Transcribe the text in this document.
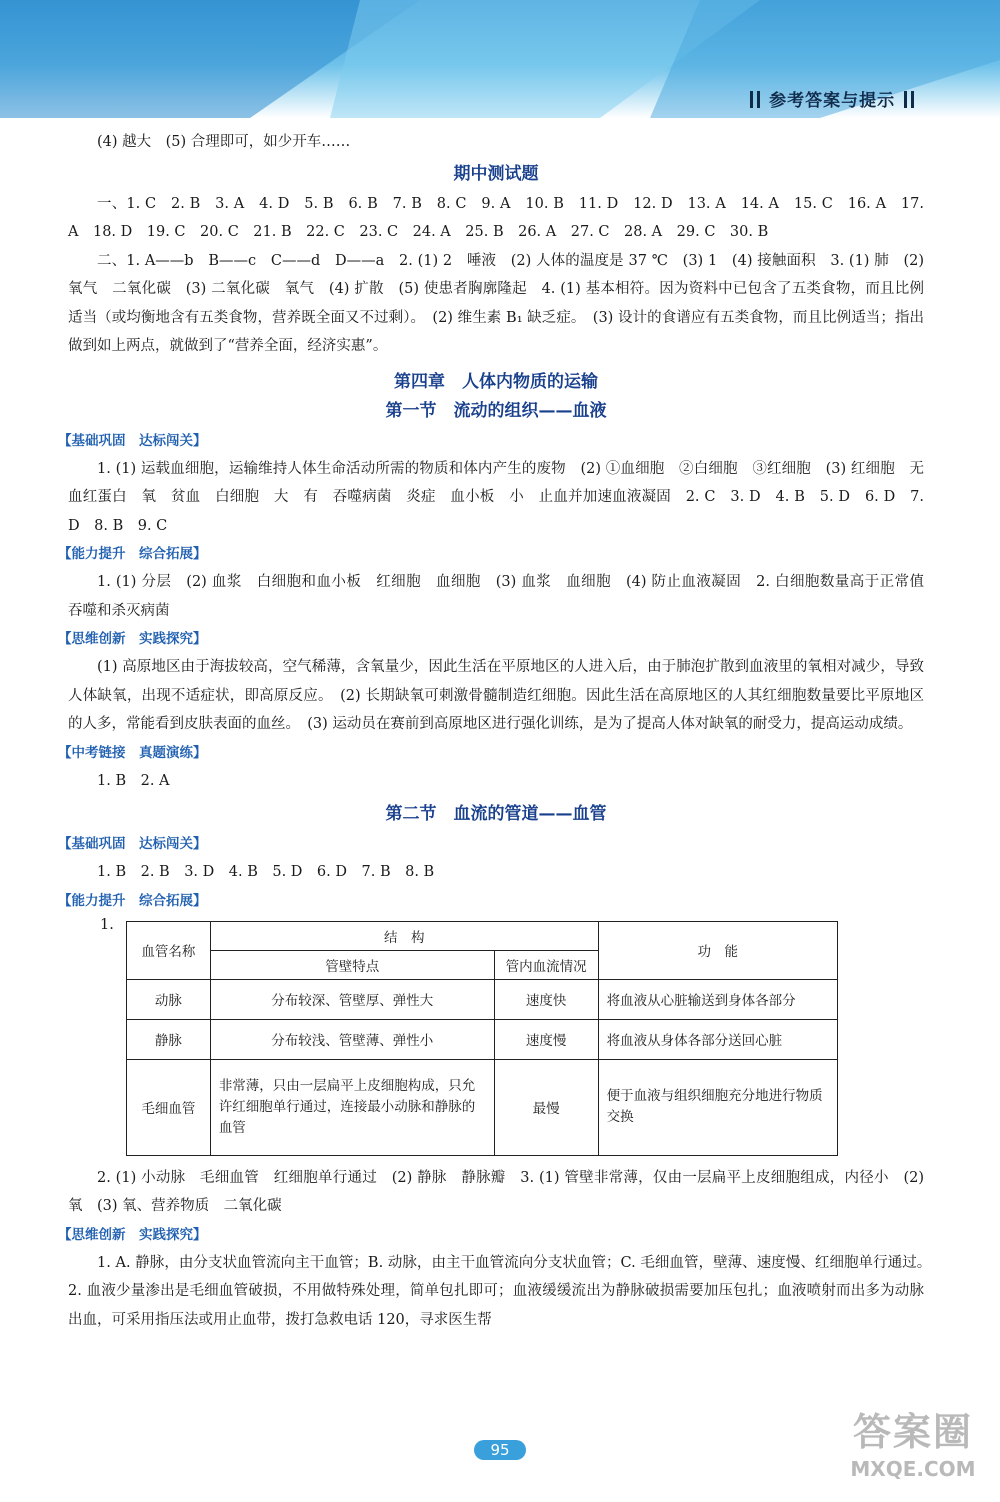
参考答案与提示

(4) 越大　(5) 合理即可，如少开车……

期中测试题

一、1. C　2. B　3. A　4. D　5. B　6. B　7. B　8. C　9. A　10. B　11. D　12. D　13. A　14. A　15. C　16. A　17. A　18. D　19. C　20. C　21. B　22. C　23. C　24. A　25. B　26. A　27. C　28. A　29. C　30. B

二、1. A——b　B——c　C——d　D——a　2. (1) 2　唾液　(2) 人体的温度是 37 ℃　(3) 1　(4) 接触面积　3. (1) 肺　(2) 氧气　二氧化碳　(3) 二氧化碳　氧气　(4) 扩散　(5) 使患者胸廓隆起　4. (1) 基本相符。因为资料中已包含了五类食物，而且比例适当（或均衡地含有五类食物，营养既全面又不过剩）。　(2) 维生素 B₁ 缺乏症。　(3) 设计的食谱应有五类食物，而且比例适当；指出做到如上两点，就做到了“营养全面，经济实惠”。

第四章　人体内物质的运输
第一节　流动的组织——血液
【基础巩固　达标闯关】

1. (1) 运载血细胞，运输维持人体生命活动所需的物质和体内产生的废物　(2) ①血细胞　②白细胞　③红细胞　(3) 红细胞　无　血红蛋白　氧　贫血　白细胞　大　有　吞噬病菌　炎症　血小板　小　止血并加速血液凝固　2. C　3. D　4. B　5. D　6. D　7. D　8. B　9. C

【能力提升　综合拓展】

1. (1) 分层　(2) 血浆　白细胞和血小板　红细胞　血细胞　(3) 血浆　血细胞　(4) 防止血液凝固　2. 白细胞数量高于正常值　吞噬和杀灭病菌

【思维创新　实践探究】

(1) 高原地区由于海拔较高，空气稀薄，含氧量少，因此生活在平原地区的人进入后，由于肺泡扩散到血液里的氧相对减少，导致人体缺氧，出现不适症状，即高原反应。　(2) 长期缺氧可刺激骨髓制造红细胞。因此生活在高原地区的人其红细胞数量要比平原地区的人多，常能看到皮肤表面的血丝。　(3) 运动员在赛前到高原地区进行强化训练，是为了提高人体对缺氧的耐受力，提高运动成绩。

【中考链接　真题演练】

1. B　2. A

第二节　血流的管道——血管
【基础巩固　达标闯关】

1. B　2. B　3. D　4. B　5. D　6. D　7. B　8. B

【能力提升　综合拓展】
1.
血管名称	结　构		功　能
	管壁特点	管内血流情况	
动脉	分布较深、管壁厚、弹性大	速度快	将血液从心脏输送到身体各部分
静脉	分布较浅、管壁薄、弹性小	速度慢	将血液从身体各部分送回心脏
毛细血管	非常薄，只由一层扁平上皮细胞构成，只允许红细胞单行通过，连接最小动脉和静脉的血管	最慢	便于血液与组织细胞充分地进行物质交换

2. (1) 小动脉　毛细血管　红细胞单行通过　(2) 静脉　静脉瓣　3. (1) 管壁非常薄，仅由一层扁平上皮细胞组成，内径小　(2) 氧　(3) 氧、营养物质　二氧化碳

【思维创新　实践探究】

1. A. 静脉，由分支状血管流向主干血管；B. 动脉，由主干血管流向分支状血管；C. 毛细血管，壁薄、速度慢、红细胞单行通过。　2. 血液少量渗出是毛细血管破损，不用做特殊处理，简单包扎即可；血液缓缓流出为静脉破损需要加压包扎；血液喷射而出多为动脉出血，可采用指压法或用止血带，拨打急救电话 120，寻求医生帮

95	答案圈
MXQE.COM
